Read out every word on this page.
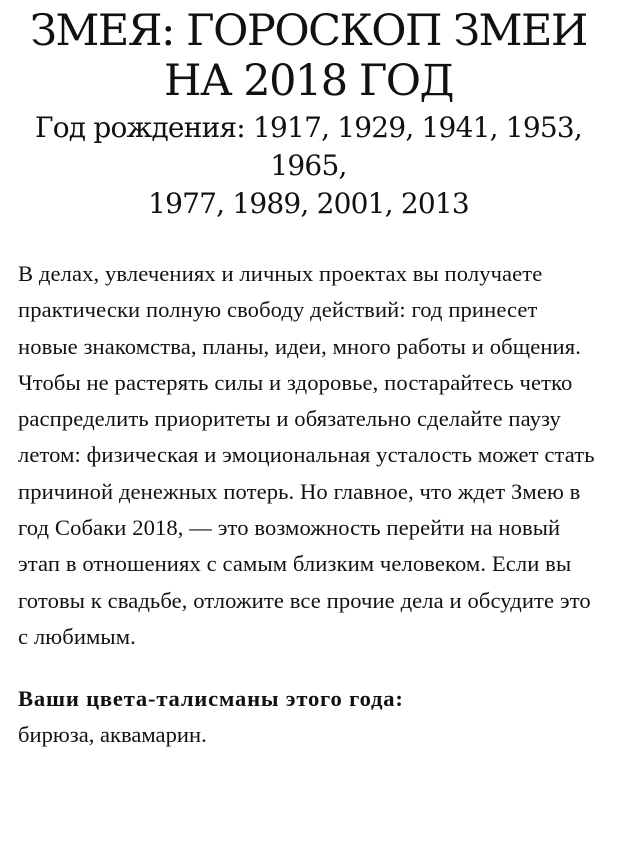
ЗМЕЯ: ГОРОСКОП ЗМЕИ
НА 2018 ГОД
Год рождения: 1917, 1929, 1941, 1953, 1965,
1977, 1989, 2001, 2013

В делах, увлечениях и личных проектах вы получаете практически полную свободу действий: год принесет новые знакомства, планы, идеи, много работы и общения. Чтобы не растерять силы и здоровье, постарайтесь четко распределить приоритеты и обязательно сделайте паузу летом: физическая и эмоциональная усталость может стать причиной денежных потерь. Но главное, что ждет Змею в год Собаки 2018, — это возможность перейти на новый этап в отношениях с самым близким человеком. Если вы готовы к свадьбе, отложите все прочие дела и обсудите это с любимым.

Ваши цвета-талисманы этого года:
бирюза, аквамарин.
